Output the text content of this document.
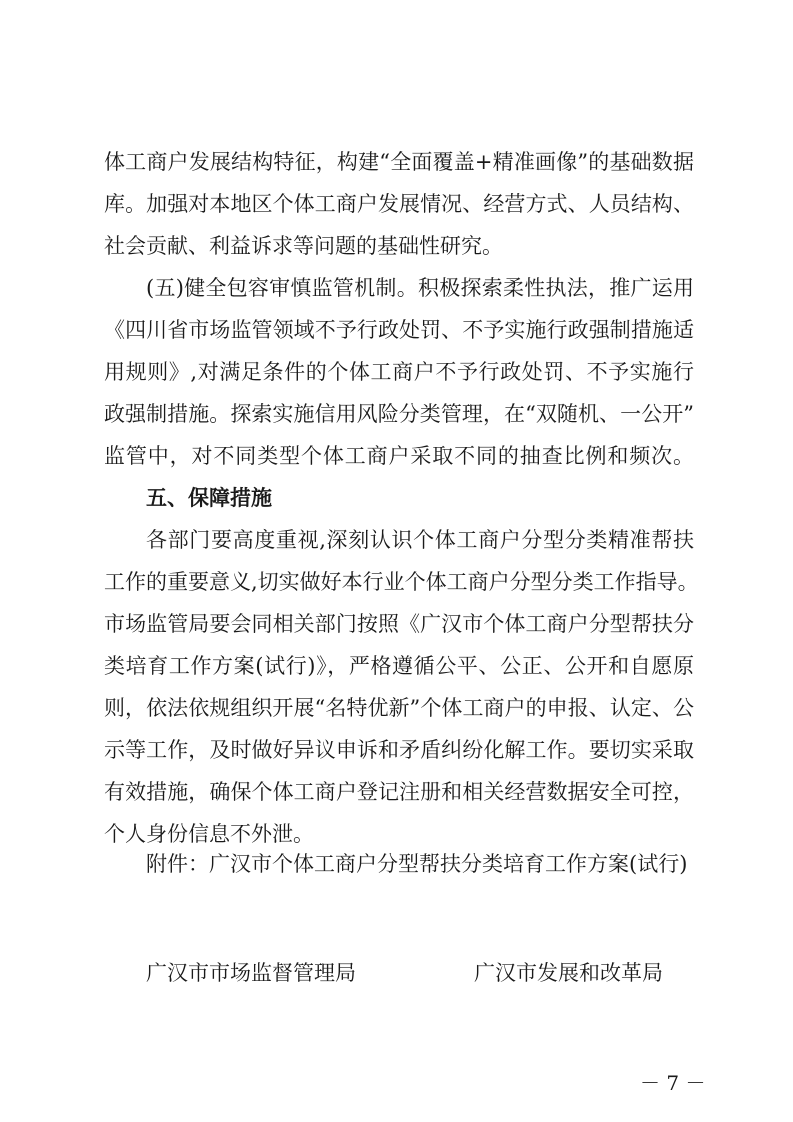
体工商户发展结构特征，构建“全面覆盖+精准画像”的基础数据
库。加强对本地区个体工商户发展情况、经营方式、人员结构、
社会贡献、利益诉求等问题的基础性研究。
(五)健全包容审慎监管机制。积极探索柔性执法，推广运用
《四川省市场监管领域不予行政处罚、不予实施行政强制措施适
用规则》,对满足条件的个体工商户不予行政处罚、不予实施行
政强制措施。探索实施信用风险分类管理，在“双随机、一公开”
监管中，对不同类型个体工商户采取不同的抽查比例和频次。
五、保障措施
各部门要高度重视,深刻认识个体工商户分型分类精准帮扶
工作的重要意义,切实做好本行业个体工商户分型分类工作指导。
市场监管局要会同相关部门按照《广汉市个体工商户分型帮扶分
类培育工作方案(试行)》，严格遵循公平、公正、公开和自愿原
则，依法依规组织开展“名特优新”个体工商户的申报、认定、公
示等工作，及时做好异议申诉和矛盾纠纷化解工作。要切实采取
有效措施，确保个体工商户登记注册和相关经营数据安全可控，
个人身份信息不外泄。
附件：广汉市个体工商户分型帮扶分类培育工作方案(试行)
广汉市市场监督管理局	广汉市发展和改革局
－ 7 －
